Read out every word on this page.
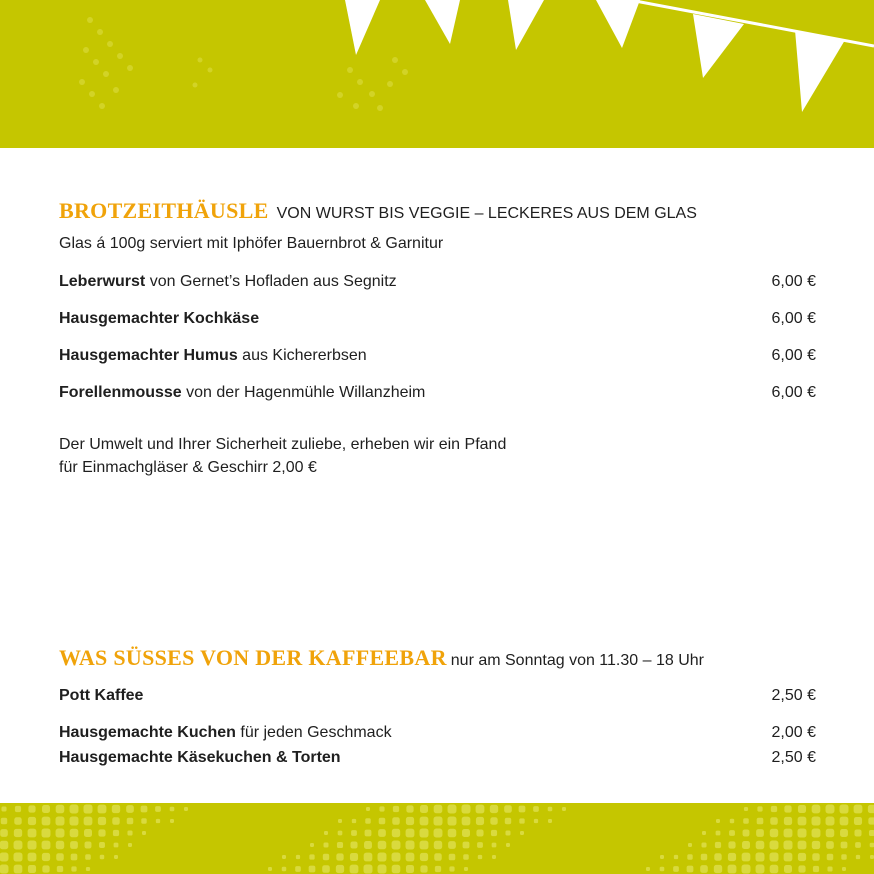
BROTZEITHÄUSLE VON WURST BIS VEGGIE – LECKERES AUS DEM GLAS
Glas á 100g serviert mit Iphöfer Bauernbrot & Garnitur
Leberwurst von Gernet’s Hofladen aus Segnitz	6,00 €
Hausgemachter Kochkäse	6,00 €
Hausgemachter Humus aus Kichererbsen	6,00 €
Forellenmousse von der Hagenmühle Willanzheim	6,00 €
Der Umwelt und Ihrer Sicherheit zuliebe, erheben wir ein Pfand
für Einmachgläser & Geschirr 2,00 €
WAS SÜSSES VON DER KAFFEEBAR nur am Sonntag von 11.30 – 18 Uhr
Pott Kaffee	2,50 €
Hausgemachte Kuchen für jeden Geschmack	2,00 €
Hausgemachte Käsekuchen & Torten	2,50 €
